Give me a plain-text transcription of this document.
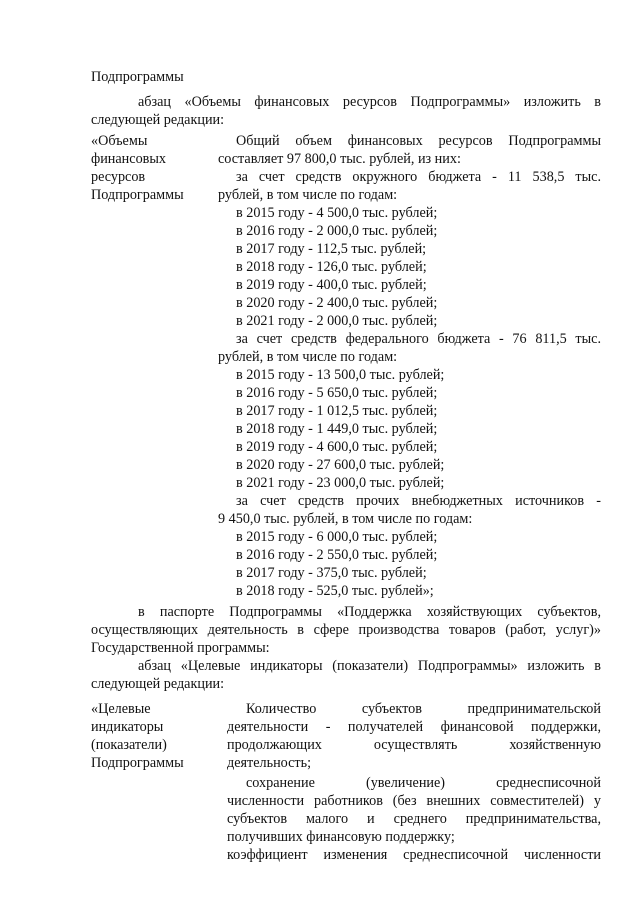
Подпрограммы
абзац «Объемы финансовых ресурсов Подпрограммы» изложить в
следующей редакции:
«Объемы
финансовых
ресурсов
Подпрограммы
Общий объем финансовых ресурсов Подпрограммы
составляет 97 800,0 тыс. рублей, из них:
за счет средств окружного бюджета - 11 538,5 тыс.
рублей, в том числе по годам:
в 2015 году - 4 500,0 тыс. рублей;
в 2016 году - 2 000,0 тыс. рублей;
в 2017 году - 112,5 тыс. рублей;
в 2018 году - 126,0 тыс. рублей;
в 2019 году - 400,0 тыс. рублей;
в 2020 году - 2 400,0 тыс. рублей;
в 2021 году - 2 000,0 тыс. рублей;
за счет средств федерального бюджета - 76 811,5 тыс.
рублей, в том числе по годам:
в 2015 году - 13 500,0 тыс. рублей;
в 2016 году - 5 650,0 тыс. рублей;
в 2017 году - 1 012,5 тыс. рублей;
в 2018 году - 1 449,0 тыс. рублей;
в 2019 году - 4 600,0 тыс. рублей;
в 2020 году - 27 600,0 тыс. рублей;
в 2021 году - 23 000,0 тыс. рублей;
за счет средств прочих внебюджетных источников -
9 450,0 тыс. рублей, в том числе по годам:
в 2015 году - 6 000,0 тыс. рублей;
в 2016 году - 2 550,0 тыс. рублей;
в 2017 году - 375,0 тыс. рублей;
в 2018 году - 525,0 тыс. рублей»;
в паспорте Подпрограммы «Поддержка хозяйствующих субъектов,
осуществляющих деятельность в сфере производства товаров (работ, услуг)»
Государственной программы:
абзац «Целевые индикаторы (показатели) Подпрограммы» изложить в
следующей редакции:
«Целевые
индикаторы
(показатели)
Подпрограммы
Количество субъектов предпринимательской
деятельности - получателей финансовой поддержки,
продолжающих осуществлять хозяйственную
деятельность;
сохранение (увеличение) среднесписочной
численности работников (без внешних совместителей) у
субъектов малого и среднего предпринимательства,
получивших финансовую поддержку;
коэффициент изменения среднесписочной численности
